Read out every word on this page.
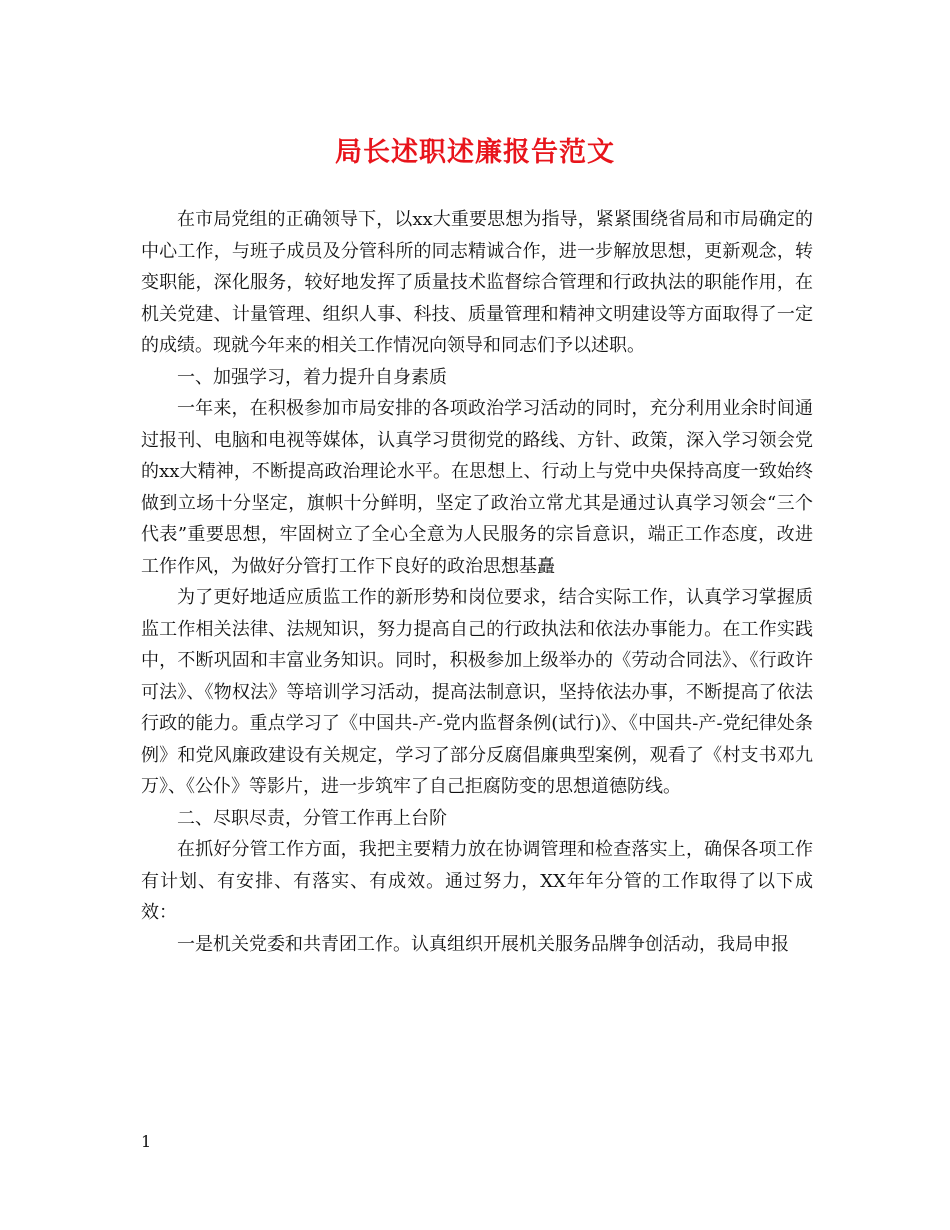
局长述职述廉报告范文

在市局党组的正确领导下，以xx大重要思想为指导，紧紧围绕省局和市局确定的中心工作，与班子成员及分管科所的同志精诚合作，进一步解放思想，更新观念，转变职能，深化服务，较好地发挥了质量技术监督综合管理和行政执法的职能作用，在机关党建、计量管理、组织人事、科技、质量管理和精神文明建设等方面取得了一定的成绩。现就今年来的相关工作情况向领导和同志们予以述职。

一、加强学习，着力提升自身素质

一年来，在积极参加市局安排的各项政治学习活动的同时，充分利用业余时间通过报刊、电脑和电视等媒体，认真学习贯彻党的路线、方针、政策，深入学习领会党的xx大精神，不断提高政治理论水平。在思想上、行动上与党中央保持高度一致始终做到立场十分坚定，旗帜十分鲜明，坚定了政治立常尤其是通过认真学习领会“三个代表”重要思想，牢固树立了全心全意为人民服务的宗旨意识，端正工作态度，改进工作作风，为做好分管打工作下良好的政治思想基矗

为了更好地适应质监工作的新形势和岗位要求，结合实际工作，认真学习掌握质监工作相关法律、法规知识，努力提高自己的行政执法和依法办事能力。在工作实践中，不断巩固和丰富业务知识。同时，积极参加上级举办的《劳动合同法》、《行政许可法》、《物权法》等培训学习活动，提高法制意识，坚持依法办事，不断提高了依法行政的能力。重点学习了《中国共-产-党内监督条例(试行)》、《中国共-产-党纪律处条例》和党风廉政建设有关规定，学习了部分反腐倡廉典型案例，观看了《村支书邓九万》、《公仆》等影片，进一步筑牢了自己拒腐防变的思想道德防线。

二、尽职尽责，分管工作再上台阶

在抓好分管工作方面，我把主要精力放在协调管理和检查落实上，确保各项工作有计划、有安排、有落实、有成效。通过努力，XX年年分管的工作取得了以下成效：

一是机关党委和共青团工作。认真组织开展机关服务品牌争创活动，我局申报

1
